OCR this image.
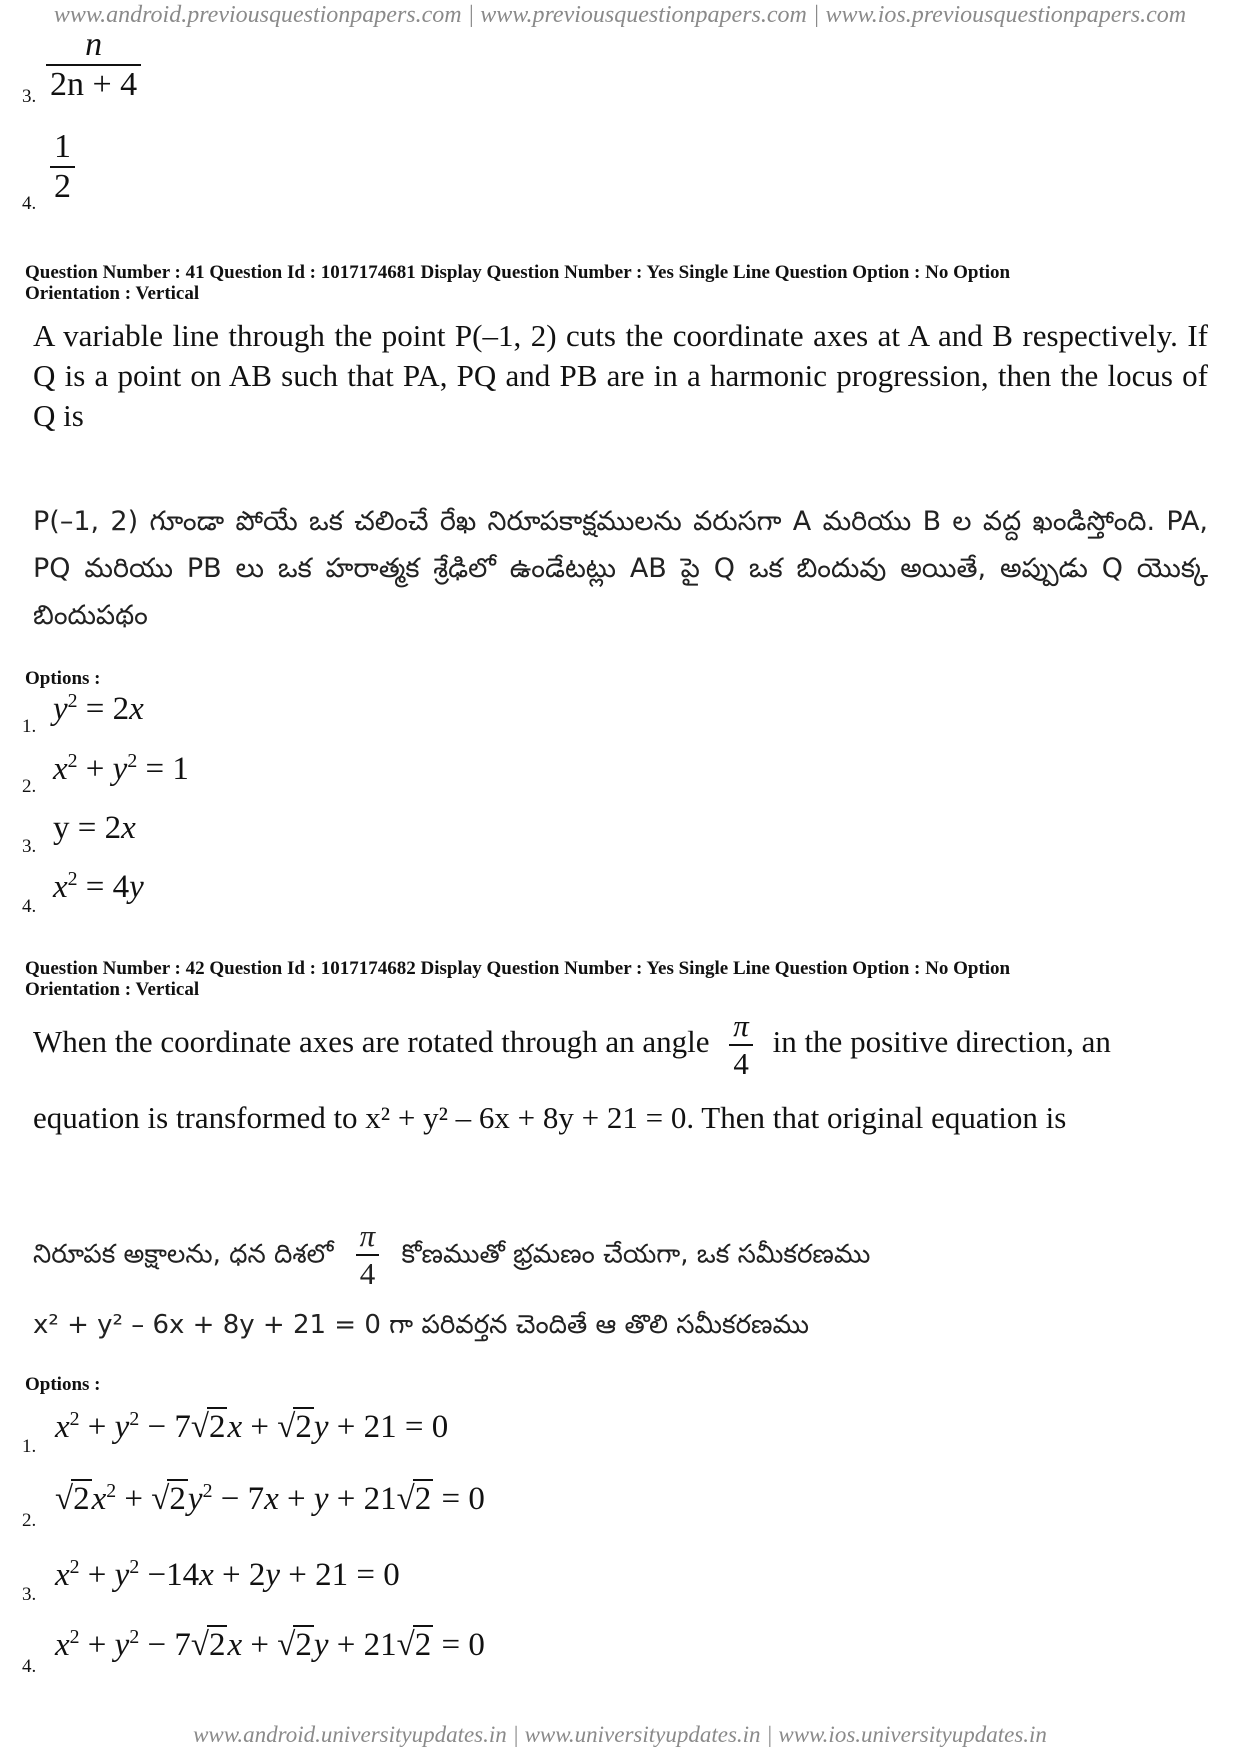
www.android.previousquestionpapers.com | www.previousquestionpapers.com | www.ios.previousquestionpapers.com
3. $\frac{n}{2n + 4}$
4. $\frac{1}{2}$
Question Number : 41 Question Id : 1017174681 Display Question Number : Yes Single Line Question Option : No Option
Orientation : Vertical
A variable line through the point P(–1, 2) cuts the coordinate axes at A and B respectively. If Q is a point on AB such that PA, PQ and PB are in a harmonic progression, then the locus of Q is
P(–1, 2) గూండా పోయే ఒక చలించే రేఖ నిరూపకాక్షములను వరుసగా A మరియు B ల వద్ద ఖండిస్తోంది. PA, PQ మరియు PB లు ఒక హరాత్మక శ్రేఢిలో ఉండేటట్లు AB పై Q ఒక బిందువు అయితే, అప్పుడు Q యొక్క బిందుపథం
Options :
1. $y^2 = 2x$
2. $x^2 + y^2 = 1$
3.
y = 2x
4.
$x^2 = 4y$
Question Number : 42 Question Id : 1017174682 Display Question Number : Yes Single Line Question Option : No Option
Orientation : Vertical
When the coordinate axes are rotated through an angle $\frac{\pi}{4}$ in the positive direction, an
equation is transformed to x² + y² – 6x + 8y + 21 = 0. Then that original equation is
నిరూపక అక్షాలను, ధన దిశలో $\frac{\pi}{4}$ కోణముతో భ్రమణం చేయగా, ఒక సమీకరణము
x² + y² – 6x + 8y + 21 = 0 గా పరివర్తన చెందితే ఆ తొలి సమీకరణము
Options :
1.
$x^2 + y^2 - 7√2x + √2y + 21 = 0$
2.
$√2x^2 + √2y^2 - 7x + y + 21√2 = 0$
3.
$x^2 + y^2 -14x + 2y + 21 = 0$
4.
$x^2 + y^2 - 7√2x + √2y + 21√2 = 0$
www.android.universityupdates.in | www.universityupdates.in | www.ios.universityupdates.in
